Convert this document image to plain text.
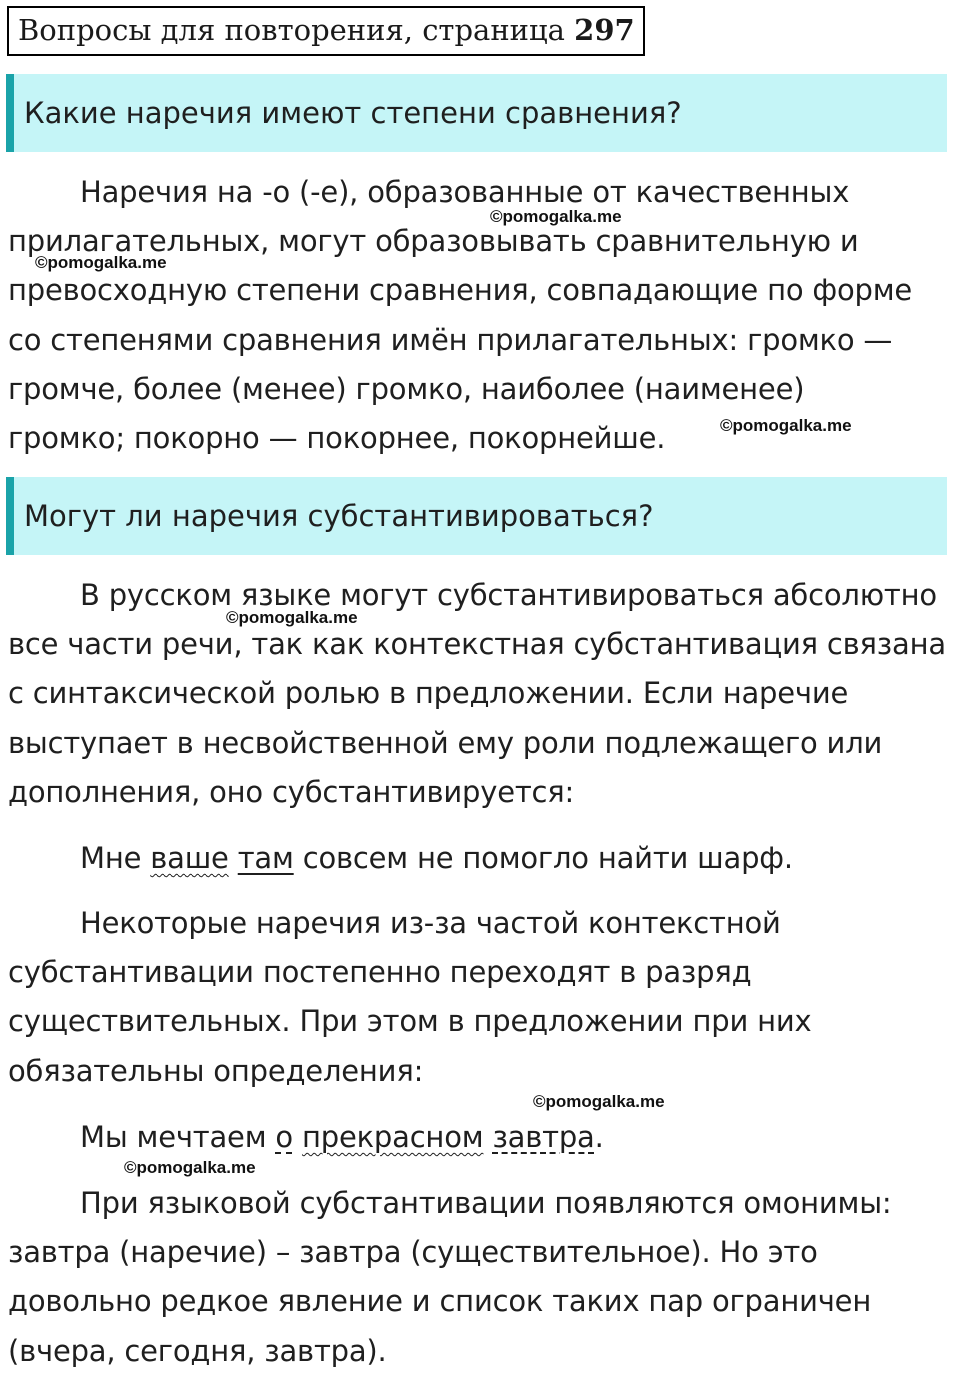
Вопросы для повторения, страница 297
Какие наречия имеют степени сравнения?

Наречия на -о (-е), образованные от качественных
прилагательных, могут образовывать сравнительную и
превосходную степени сравнения, совпадающие по форме
со степенями сравнения имён прилагательных: громко —
громче, более (менее) громко, наиболее (наименее)
громко; покорно — покорнее, покорнейше.

Могут ли наречия субстантивироваться?

В русском языке могут субстантивироваться абсолютно
все части речи, так как контекстная субстантивация связана
с синтаксической ролью в предложении. Если наречие
выступает в несвойственной ему роли подлежащего или
дополнения, оно субстантивируется:

Мне ваше там совсем не помогло найти шарф.

Некоторые наречия из-за частой контекстной
субстантивации постепенно переходят в разряд
существительных. При этом в предложении при них
обязательны определения:

Мы мечтаем о прекрасном завтра.

При языковой субстантивации появляются омонимы:
завтра (наречие) – завтра (существительное). Но это
довольно редкое явление и список таких пар ограничен
(вчера, сегодня, завтра).

©pomogalka.me
©pomogalka.me
©pomogalka.me
©pomogalka.me
©pomogalka.me
©pomogalka.me
